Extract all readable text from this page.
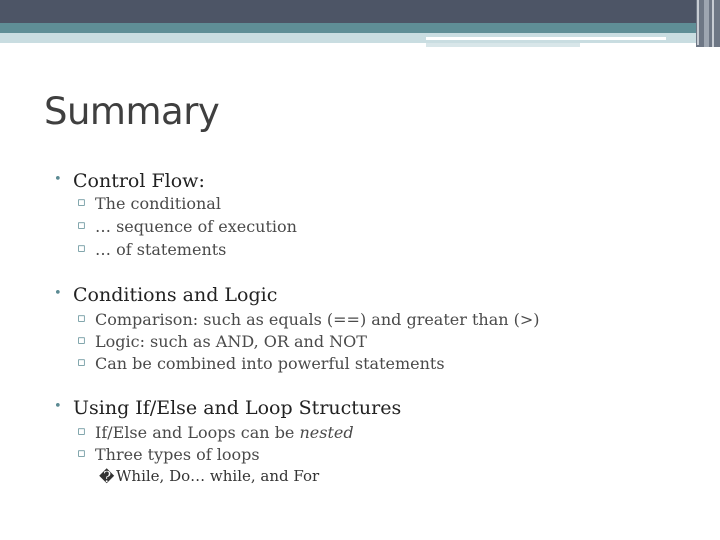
Summary
• Control Flow:
▫ The conditional
▫ … sequence of execution
▫ … of statements
• Conditions and Logic
▫ Comparison: such as equals (==) and greater than (>)
▫ Logic: such as AND, OR and NOT
▫ Can be combined into powerful statements
• Using If/Else and Loop Structures
▫ If/Else and Loops can be nested
▫ Three types of loops
� While, Do… while, and For
